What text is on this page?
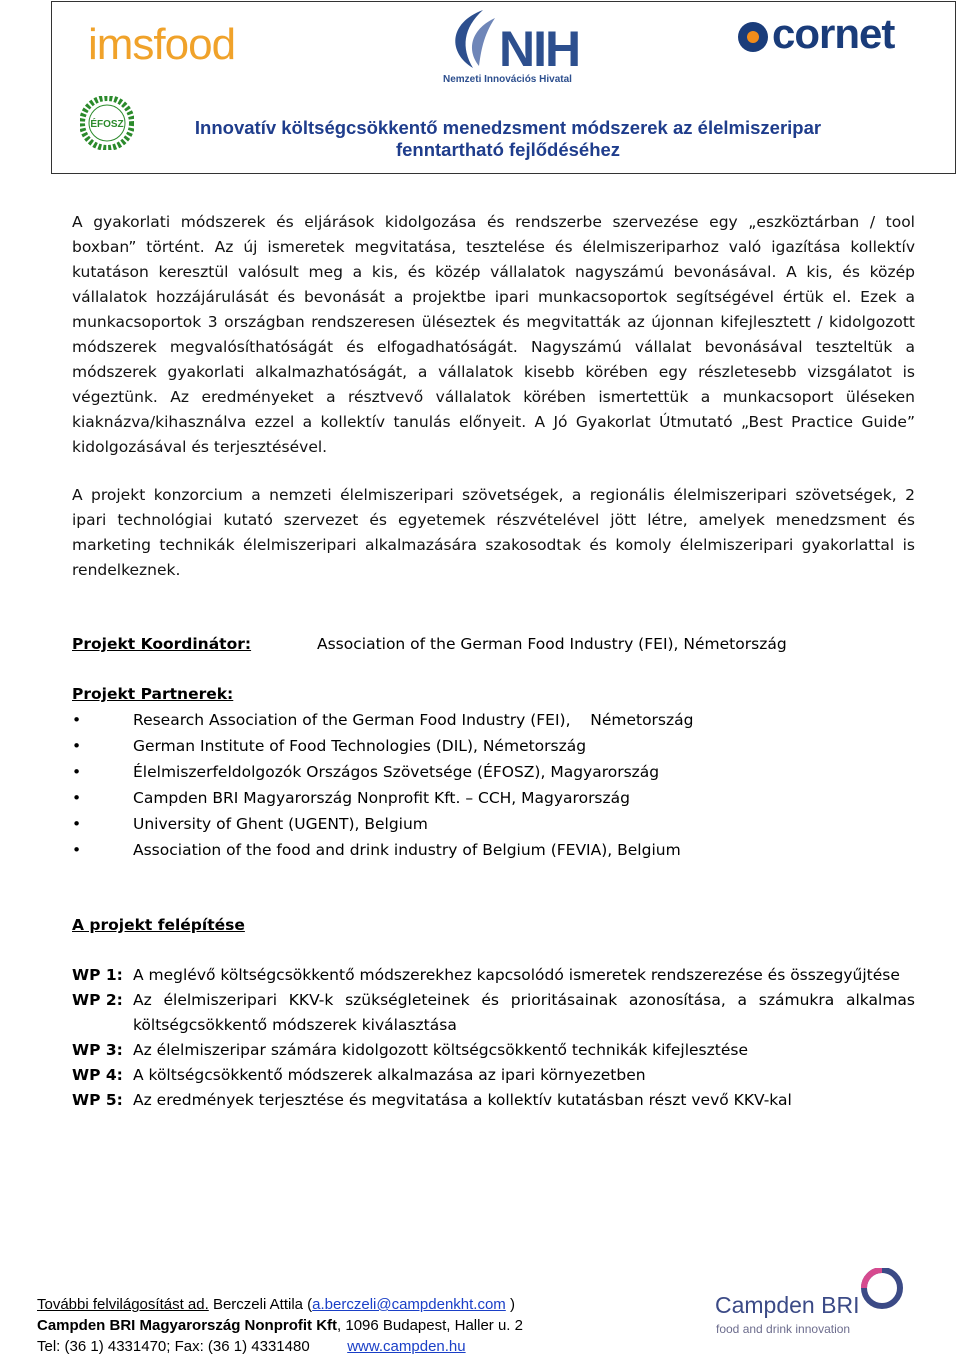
imsfood	NIH
Nemzeti Innovációs Hivatal
cornet
ÉFOSZ	Innovatív költségcsökkentő menedzsment módszerek az élelmiszeripar
fenntartható fejlődéséhez

A gyakorlati módszerek és eljárások kidolgozása és rendszerbe szervezése egy „eszköztárban / tool boxban” történt. Az új ismeretek megvitatása, tesztelése és élelmiszeriparhoz való igazítása kollektív kutatáson keresztül valósult meg a kis, és közép vállalatok nagyszámú bevonásával. A kis, és közép vállalatok hozzájárulását és bevonását a projektbe ipari munkacsoportok segítségével értük el. Ezek a munkacsoportok 3 országban rendszeresen üléseztek és megvitatták az újonnan kifejlesztett / kidolgozott módszerek megvalósíthatóságát és elfogadhatóságát. Nagyszámú vállalat bevonásával teszteltük a módszerek gyakorlati alkalmazhatóságát, a vállalatok kisebb körében egy részletesebb vizsgálatot is végeztünk. Az eredményeket a résztvevő vállalatok körében ismertettük a munkacsoport üléseken kiaknázva/kihasználva ezzel a kollektív tanulás előnyeit. A Jó Gyakorlat Útmutató „Best Practice Guide” kidolgozásával és terjesztésével.

A projekt konzorcium a nemzeti élelmiszeripari szövetségek, a regionális élelmiszeripari szövetségek, 2 ipari technológiai kutató szervezet és egyetemek részvételével jött létre, amelyek menedzsment és marketing technikák élelmiszeripari alkalmazására szakosodtak és komoly élelmiszeripari gyakorlattal is rendelkeznek.

Projekt Koordinátor:	Association of the German Food Industry (FEI), Németország
Projekt Partnerek:
•	Research Association of the German Food Industry (FEI),    Németország
•	German Institute of Food Technologies (DIL), Németország
•	Élelmiszerfeldolgozók Országos Szövetsége (ÉFOSZ), Magyarország
•	Campden BRI Magyarország Nonprofit Kft. – CCH, Magyarország
•	University of Ghent (UGENT), Belgium
•	Association of the food and drink industry of Belgium (FEVIA), Belgium
A projekt felépítése
WP 1: A meglévő költségcsökkentő módszerekhez kapcsolódó ismeretek rendszerezése és összegyűjtése
WP 2: Az élelmiszeripari KKV-k szükségleteinek és prioritásainak azonosítása, a számukra alkalmas költségcsökkentő módszerek kiválasztása
WP 3: Az élelmiszeripar számára kidolgozott költségcsökkentő technikák kifejlesztése
WP 4: A költségcsökkentő módszerek alkalmazása az ipari környezetben
WP 5: Az eredmények terjesztése és megvitatása a kollektív kutatásban részt vevő KKV-kal
További felvilágosítást ad. Berczeli Attila (a.berczeli@campdenkht.com )
Campden BRI Magyarország Nonprofit Kft, 1096 Budapest, Haller u. 2
Tel: (36 1) 4331470; Fax: (36 1) 4331480	www.campden.hu
Campden BRI
food and drink innovation
